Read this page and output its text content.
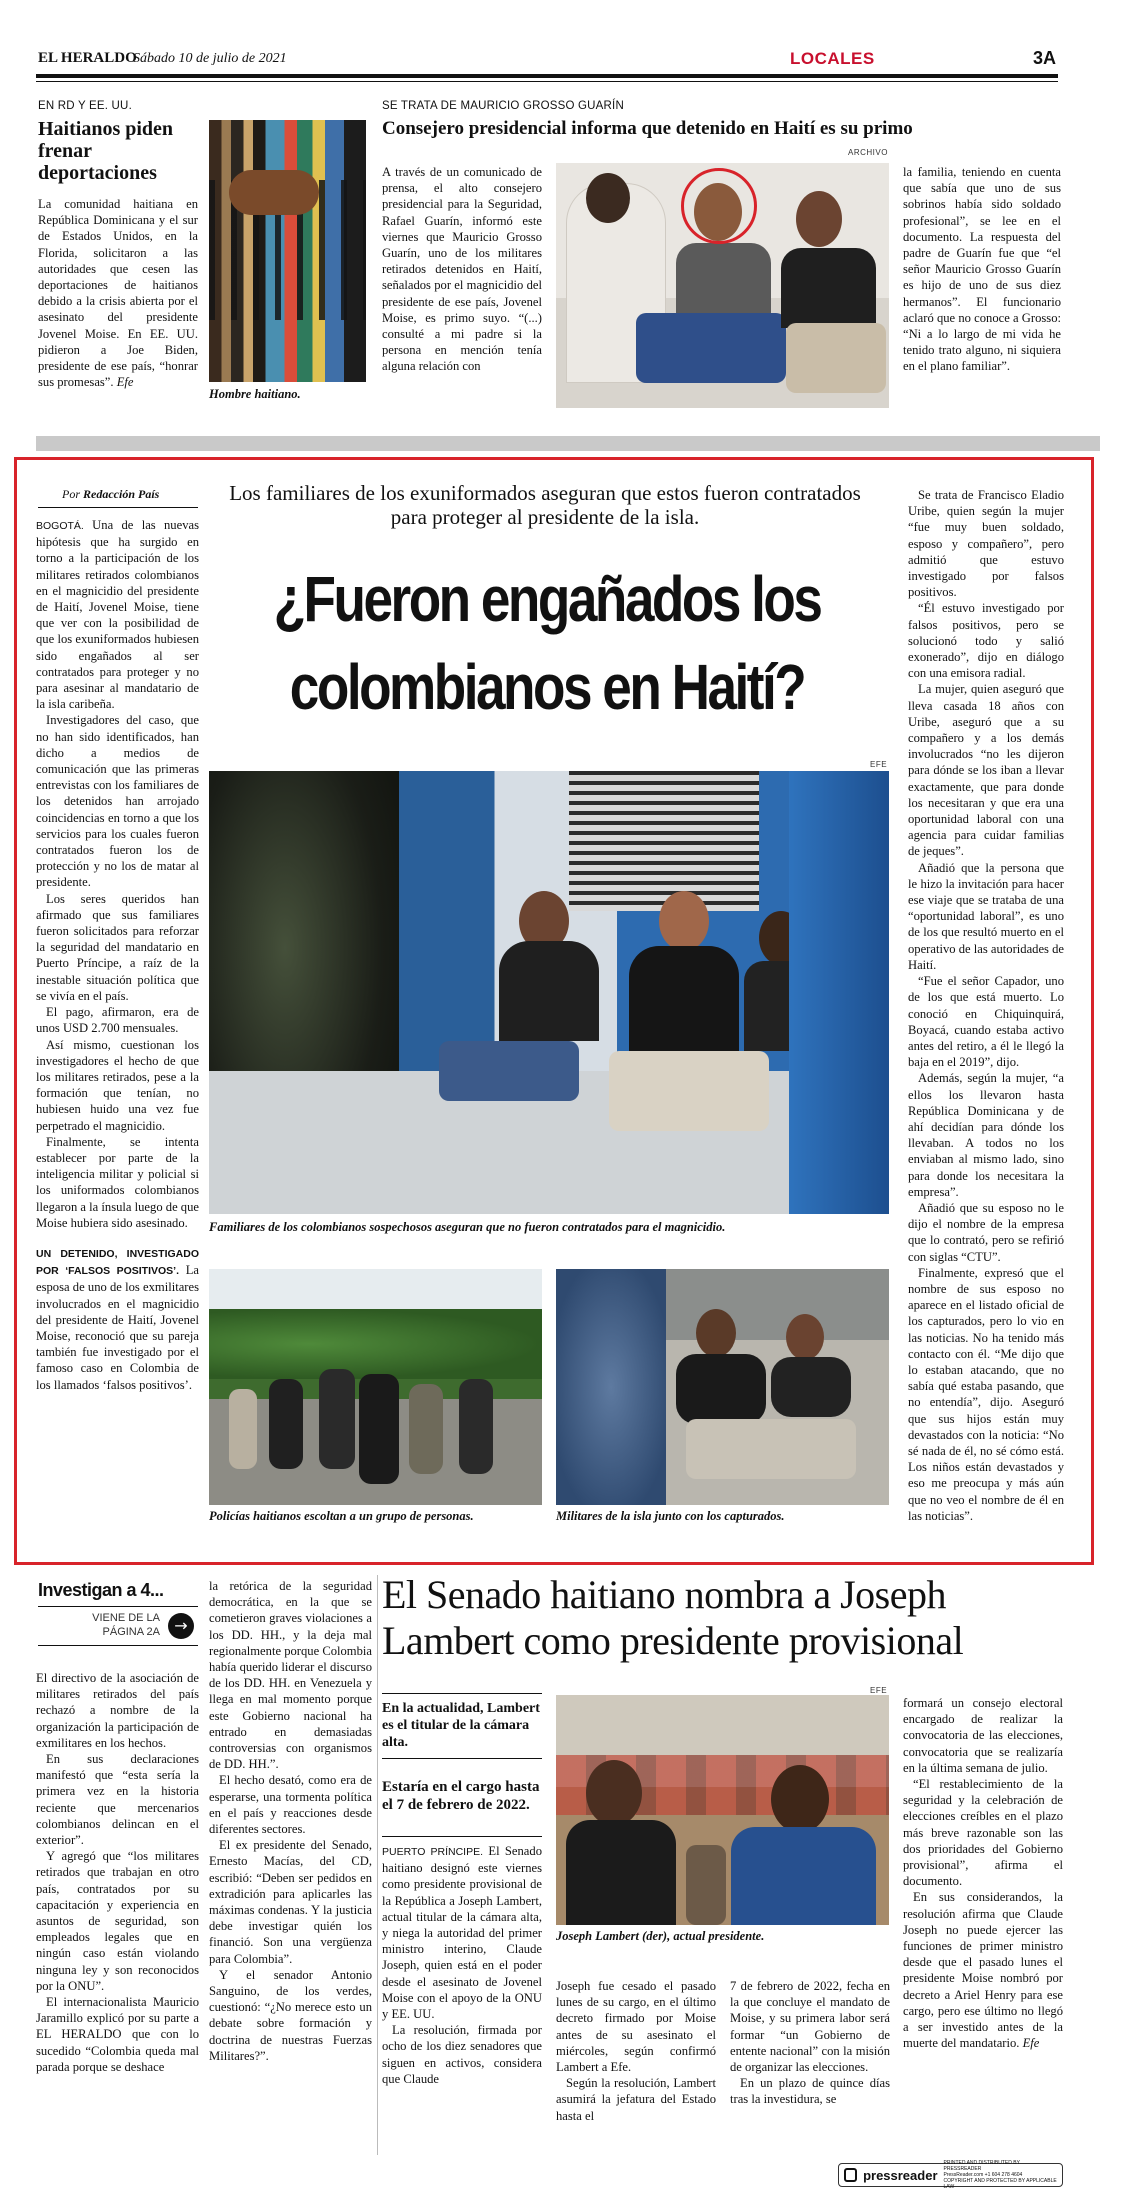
EL HERALDO
Sábado 10 de julio de 2021	LOCALES	3A
EN RD Y EE. UU.
Haitianos piden frenar deportaciones

La comunidad haitiana en República Dominicana y el sur de Estados Unidos, en la Florida, solicitaron a las autoridades que cesen las deportaciones de haitianos debido a la crisis abierta por el asesinato del presidente Jovenel Moise. En EE. UU. pidieron a Joe Biden, presidente de ese país, “honrar sus promesas”. Efe

Hombre haitiano.
SE TRATA DE MAURICIO GROSSO GUARÍN
Consejero presidencial informa que detenido en Haití es su primo
ARCHIVO

A través de un comunicado de prensa, el alto consejero presidencial para la Seguridad, Rafael Guarín, informó este viernes que Mauricio Grosso Guarín, uno de los militares retirados detenidos en Haití, señalados por el magnicidio del presidente de ese país, Jovenel Moise, es primo suyo. “(...) consulté a mi padre si la persona en mención tenía alguna relación con

la familia, teniendo en cuenta que sabía que uno de sus sobrinos había sido soldado profesional”, se lee en el documento. La respuesta del padre de Guarín fue que “el señor Mauricio Grosso Guarín es hijo de uno de sus diez hermanos”. El funcionario aclaró que no conoce a Grosso: “Ni a lo largo de mi vida he tenido trato alguno, ni siquiera en el plano familiar”.

Por Redacción País

BOGOTÁ. Una de las nuevas hipótesis que ha surgido en torno a la participación de los militares retirados colombianos en el magnicidio del presidente de Haití, Jovenel Moise, tiene que ver con la posibilidad de que los exuniformados hubiesen sido engañados al ser contratados para proteger y no para asesinar al mandatario de la isla caribeña.

Investigadores del caso, que no han sido identificados, han dicho a medios de comunicación que las primeras entrevistas con los familiares de los detenidos han arrojado coincidencias en torno a que los servicios para los cuales fueron contratados fueron los de protección y no los de matar al presidente.

Los seres queridos han afirmado que sus familiares fueron solicitados para reforzar la seguridad del mandatario en Puerto Príncipe, a raíz de la inestable situación política que se vivía en el país.

El pago, afirmaron, era de unos USD 2.700 mensuales.

Así mismo, cuestionan los investigadores el hecho de que los militares retirados, pese a la formación que tenían, no hubiesen huido una vez fue perpetrado el magnicidio.

Finalmente, se intenta establecer por parte de la inteligencia militar y policial si los uniformados colombianos llegaron a la ínsula luego de que Moise hubiera sido asesinado.

UN DETENIDO, INVESTIGADO POR ‘FALSOS POSITIVOS’. La esposa de uno de los exmilitares involucrados en el magnicidio del presidente de Haití, Jovenel Moise, reconoció que su pareja también fue investigado por el famoso caso en Colombia de los llamados ‘falsos positivos’.

Los familiares de los exuniformados aseguran que estos fueron contratados para proteger al presidente de la isla.
¿Fueron engañados los colombianos en Haití?
EFE
Familiares de los colombianos sospechosos aseguran que no fueron contratados para el magnicidio.
Policías haitianos escoltan a un grupo de personas.	Militares de la isla junto con los capturados.

Se trata de Francisco Eladio Uribe, quien según la mujer “fue muy buen soldado, esposo y compañero”, pero admitió que estuvo investigado por falsos positivos.

“Él estuvo investigado por falsos positivos, pero se solucionó todo y salió exonerado”, dijo en diálogo con una emisora radial.

La mujer, quien aseguró que lleva casada 18 años con Uribe, aseguró que a su compañero y a los demás involucrados “no les dijeron para dónde se los iban a llevar exactamente, que para donde los necesitaran y que era una oportunidad laboral con una agencia para cuidar familias de jeques”.

Añadió que la persona que le hizo la invitación para hacer ese viaje que se trataba de una “oportunidad laboral”, es uno de los que resultó muerto en el operativo de las autoridades de Haití.

“Fue el señor Capador, uno de los que está muerto. Lo conoció en Chiquinquirá, Boyacá, cuando estaba activo antes del retiro, a él le llegó la baja en el 2019”, dijo.

Además, según la mujer, “a ellos los llevaron hasta República Dominicana y de ahí decidían para dónde los llevaban. A todos no los enviaban al mismo lado, sino para donde los necesitara la empresa”.

Añadió que su esposo no le dijo el nombre de la empresa que lo contrató, pero se refirió con siglas “CTU”.

Finalmente, expresó que el nombre de sus esposo no aparece en el listado oficial de los capturados, pero lo vio en las noticias. No ha tenido más contacto con él. “Me dijo que lo estaban atacando, que no sabía qué estaba pasando, que no entendía”, dijo. Aseguró que sus hijos están muy devastados con la noticia: “No sé nada de él, no sé cómo está. Los niños están devastados y eso me preocupa y más aún que no veo el nombre de él en las noticias”.

Investigan a 4...
VIENE DE LA PÁGINA 2A →

El directivo de la asociación de militares retirados del país rechazó a nombre de la organización la participación de exmilitares en los hechos.

En sus declaraciones manifestó que “esta sería la primera vez en la historia reciente que mercenarios colombianos delincan en el exterior”.

Y agregó que “los militares retirados que trabajan en otro país, contratados por su capacitación y experiencia en asuntos de seguridad, son empleados legales que en ningún caso están violando ninguna ley y son reconocidos por la ONU”.

El internacionalista Mauricio Jaramillo explicó por su parte a EL HERALDO que con lo sucedido “Colombia queda mal parada porque se deshace

la retórica de la seguridad democrática, en la que se cometieron graves violaciones a los DD. HH., y la deja mal regionalmente porque Colombia había querido liderar el discurso de los DD. HH. en Venezuela y llega en mal momento porque este Gobierno nacional ha entrado en demasiadas controversias con organismos de DD. HH.”.

El hecho desató, como era de esperarse, una tormenta política en el país y reacciones desde diferentes sectores.

El ex presidente del Senado, Ernesto Macías, del CD, escribió: “Deben ser pedidos en extradición para aplicarles las máximas condenas. Y la justicia debe investigar quién los financió. Son una vergüenza para Colombia”.

Y el senador Antonio Sanguino, de los verdes, cuestionó: “¿No merece esto un debate sobre formación y doctrina de nuestras Fuerzas Militares?”.

El Senado haitiano nombra a Joseph Lambert como presidente provisional
EFE
En la actualidad, Lambert es el titular de la cámara alta.
Estaría en el cargo hasta el 7 de febrero de 2022.

PUERTO PRÍNCIPE. El Senado haitiano designó este viernes como presidente provisional de la República a Joseph Lambert, actual titular de la cámara alta, y niega la autoridad del primer ministro interino, Claude Joseph, quien está en el poder desde el asesinato de Jovenel Moise con el apoyo de la ONU y EE. UU.

La resolución, firmada por ocho de los diez senadores que siguen en activos, considera que Claude

Joseph Lambert (der), actual presidente.

Joseph fue cesado el pasado lunes de su cargo, en el último decreto firmado por Moise antes de su asesinato el miércoles, según confirmó Lambert a Efe.

Según la resolución, Lambert asumirá la jefatura del Estado hasta el

7 de febrero de 2022, fecha en la que concluye el mandato de Moise, y su primera labor será formar “un Gobierno de entente nacional” con la misión de organizar las elecciones.

En un plazo de quince días tras la investidura, se

formará un consejo electoral encargado de realizar la convocatoria de las elecciones, convocatoria que se realizaría en la última semana de julio.

“El restablecimiento de la seguridad y la celebración de elecciones creíbles en el plazo más breve razonable son las dos prioridades del Gobierno provisional”, afirma el documento.

En sus considerandos, la resolución afirma que Claude Joseph no puede ejercer las funciones de primer ministro desde que el pasado lunes el presidente Moise nombró por decreto a Ariel Henry para ese cargo, pero ese último no llegó a ser investido antes de la muerte del mandatario. Efe

pressreader
PRINTED AND DISTRIBUTED BY PRESSREADER
PressReader.com +1 604 278 4604
COPYRIGHT AND PROTECTED BY APPLICABLE LAW
